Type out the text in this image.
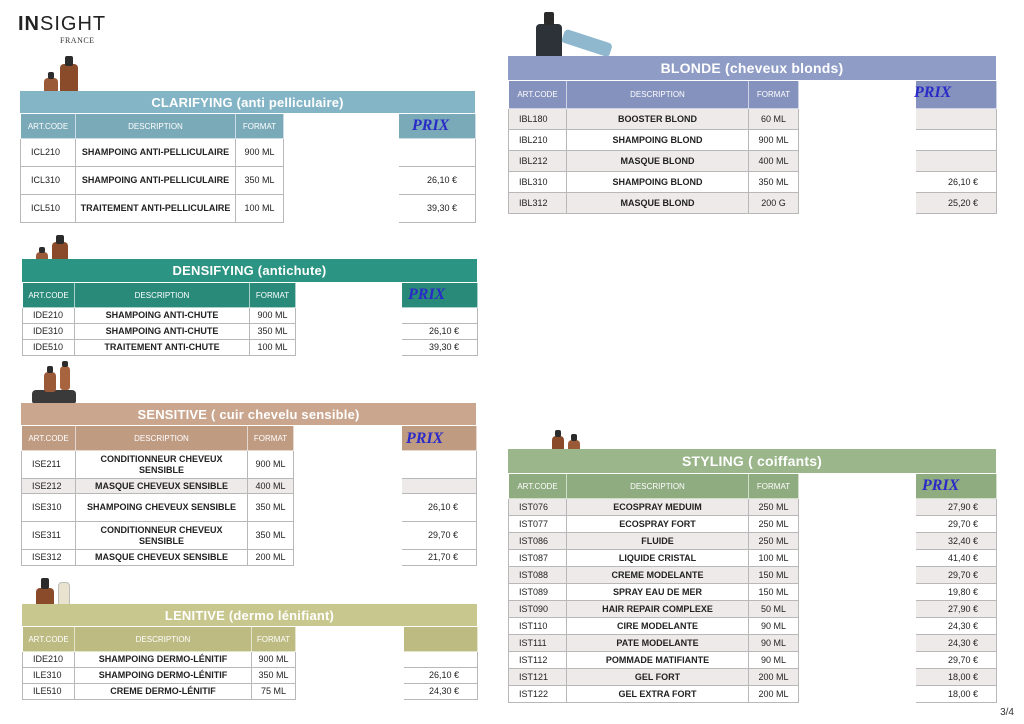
INSIGHT
FRANCE
CLARIFYING (anti pelliculaire)
ART.CODE	DESCRIPTION	FORMAT		
ICL210	SHAMPOING ANTI-PELLICULAIRE	900 ML		
ICL310	SHAMPOING ANTI-PELLICULAIRE	350 ML		26,10 €
ICL510	TRAITEMENT ANTI-PELLICULAIRE	100 ML		39,30 €
PRIX
DENSIFYING (antichute)
ART.CODE	DESCRIPTION	FORMAT		
IDE210	SHAMPOING ANTI-CHUTE	900 ML		
IDE310	SHAMPOING ANTI-CHUTE	350 ML		26,10 €
IDE510	TRAITEMENT ANTI-CHUTE	100 ML		39,30 €
PRIX
SENSITIVE ( cuir chevelu sensible)
ART.CODE	DESCRIPTION	FORMAT		
ISE211	CONDITIONNEUR CHEVEUX SENSIBLE	900 ML		
ISE212	MASQUE CHEVEUX SENSIBLE	400 ML		
ISE310	SHAMPOING CHEVEUX SENSIBLE	350 ML		26,10 €
ISE311	CONDITIONNEUR CHEVEUX SENSIBLE	350 ML		29,70 €
ISE312	MASQUE CHEVEUX SENSIBLE	200 ML		21,70 €
PRIX
LENITIVE (dermo lénifiant)
ART.CODE	DESCRIPTION	FORMAT		
IDE210	SHAMPOING DERMO-LÉNITIF	900 ML		
ILE310	SHAMPOING DERMO-LÉNITIF	350 ML		26,10 €
ILE510	CREME DERMO-LÉNITIF	75 ML		24,30 €
BLONDE (cheveux blonds)
ART.CODE	DESCRIPTION	FORMAT		
IBL180	BOOSTER BLOND	60 ML		
IBL210	SHAMPOING BLOND	900 ML		
IBL212	MASQUE BLOND	400 ML		
IBL310	SHAMPOING BLOND	350 ML		26,10 €
IBL312	MASQUE BLOND	200 G		25,20 €
PRIX
STYLING ( coiffants)
ART.CODE	DESCRIPTION	FORMAT		
IST076	ECOSPRAY MEDUIM	250 ML		27,90 €
IST077	ECOSPRAY FORT	250 ML		29,70 €
IST086	FLUIDE	250 ML		32,40 €
IST087	LIQUIDE CRISTAL	100 ML		41,40 €
IST088	CREME MODELANTE	150 ML		29,70 €
IST089	SPRAY EAU DE MER	150 ML		19,80 €
IST090	HAIR REPAIR COMPLEXE	50 ML		27,90 €
IST110	CIRE MODELANTE	90 ML		24,30 €
IST111	PATE MODELANTE	90 ML		24,30 €
IST112	POMMADE MATIFIANTE	90 ML		29,70 €
IST121	GEL FORT	200 ML		18,00 €
IST122	GEL EXTRA FORT	200 ML		18,00 €
PRIX
3/4
